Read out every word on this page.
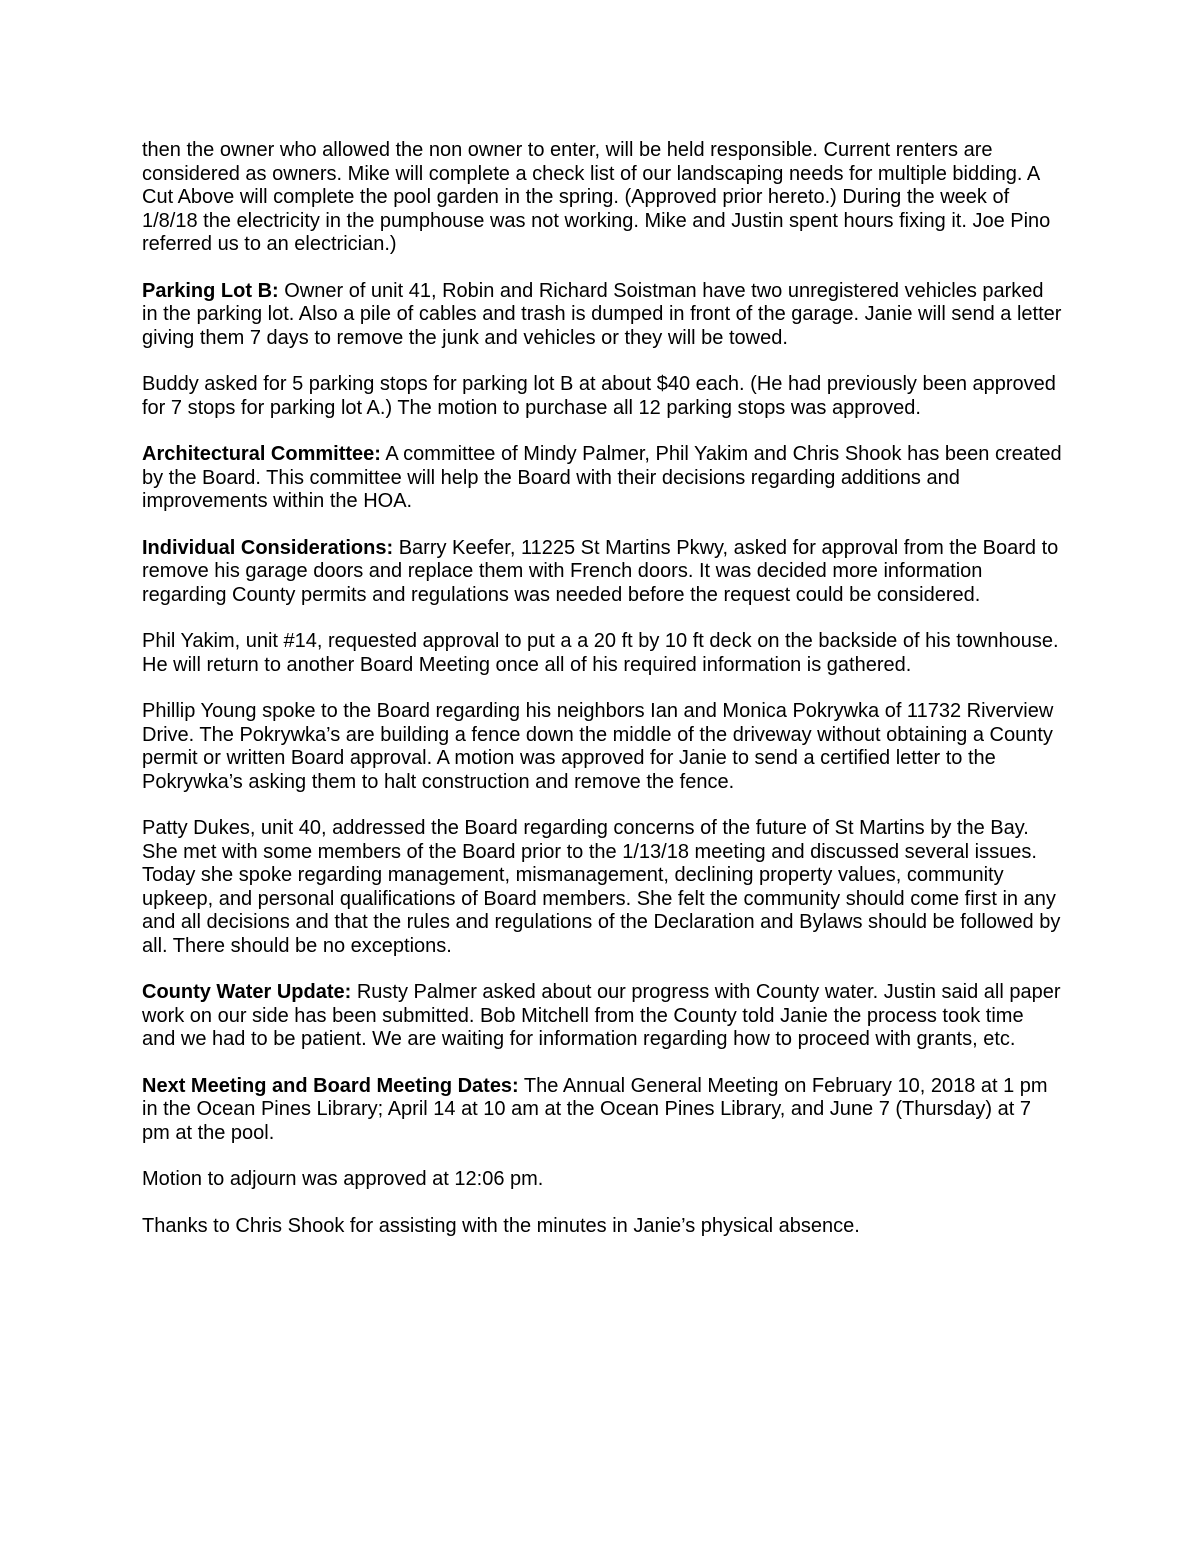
then the owner who allowed the non owner to enter, will be held responsible. Current renters are considered as owners. Mike will complete a check list of our landscaping needs for multiple bidding. A Cut Above will complete the pool garden in the spring. (Approved prior hereto.) During the week of 1/8/18 the electricity in the pumphouse was not working. Mike and Justin spent hours fixing it. Joe Pino referred us to an electrician.)

Parking Lot B: Owner of unit 41, Robin and Richard Soistman have two unregistered vehicles parked in the parking lot. Also a pile of cables and trash is dumped in front of the garage. Janie will send a letter giving them 7 days to remove the junk and vehicles or they will be towed.

Buddy asked for 5 parking stops for parking lot B at about $40 each. (He had previously been approved for 7 stops for parking lot A.) The motion to purchase all 12 parking stops was approved.

Architectural Committee: A committee of Mindy Palmer, Phil Yakim and Chris Shook has been created by the Board. This committee will help the Board with their decisions regarding additions and improvements within the HOA.

Individual Considerations: Barry Keefer, 11225 St Martins Pkwy, asked for approval from the Board to remove his garage doors and replace them with French doors. It was decided more information regarding County permits and regulations was needed before the request could be considered.

Phil Yakim, unit #14, requested approval to put a a 20 ft by 10 ft deck on the backside of his townhouse. He will return to another Board Meeting once all of his required information is gathered.

Phillip Young spoke to the Board regarding his neighbors Ian and Monica Pokrywka of 11732 Riverview Drive. The Pokrywka’s are building a fence down the middle of the driveway without obtaining a County permit or written Board approval. A motion was approved for Janie to send a certified letter to the Pokrywka’s asking them to halt construction and remove the fence.

Patty Dukes, unit 40, addressed the Board regarding concerns of the future of St Martins by the Bay. She met with some members of the Board prior to the 1/13/18 meeting and discussed several issues. Today she spoke regarding management, mismanagement, declining property values, community upkeep, and personal qualifications of Board members. She felt the community should come first in any and all decisions and that the rules and regulations of the Declaration and Bylaws should be followed by all. There should be no exceptions.

County Water Update: Rusty Palmer asked about our progress with County water. Justin said all paper work on our side has been submitted. Bob Mitchell from the County told Janie the process took time and we had to be patient. We are waiting for information regarding how to proceed with grants, etc.

Next Meeting and Board Meeting Dates: The Annual General Meeting on February 10, 2018 at 1 pm in the Ocean Pines Library; April 14 at 10 am at the Ocean Pines Library, and June 7 (Thursday) at 7 pm at the pool.

Motion to adjourn was approved at 12:06 pm.

Thanks to Chris Shook for assisting with the minutes in Janie’s physical absence.
